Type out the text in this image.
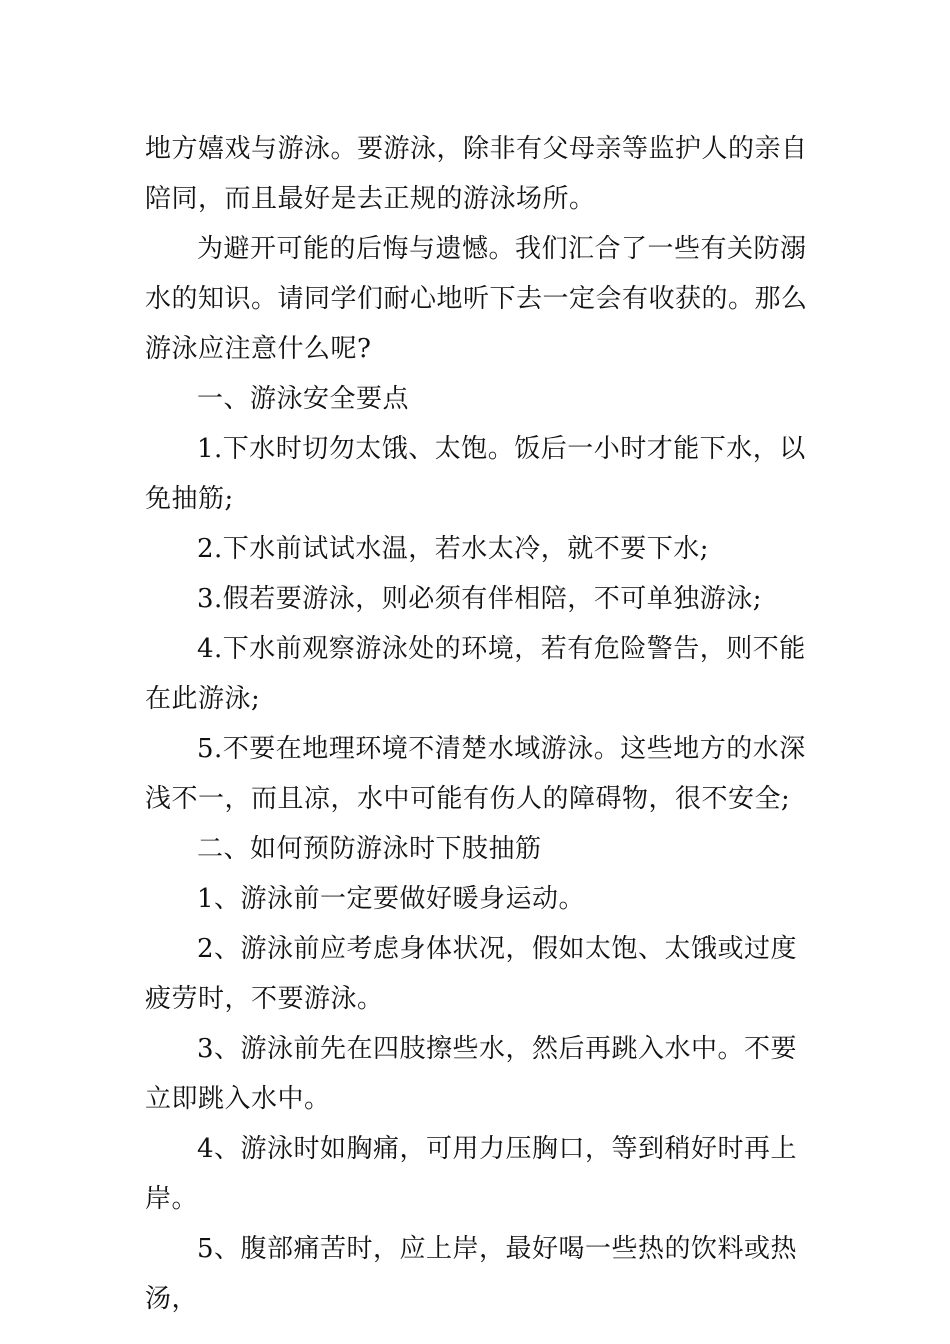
地方嬉戏与游泳。要游泳，除非有父母亲等监护人的亲自陪同，而且最好是去正规的游泳场所。

为避开可能的后悔与遗憾。我们汇合了一些有关防溺水的知识。请同学们耐心地听下去一定会有收获的。那么游泳应注意什么呢?

一、游泳安全要点

1.下水时切勿太饿、太饱。饭后一小时才能下水，以免抽筋;

2.下水前试试水温，若水太冷，就不要下水;

3.假若要游泳，则必须有伴相陪，不可单独游泳;

4.下水前观察游泳处的环境，若有危险警告，则不能在此游泳;

5.不要在地理环境不清楚水域游泳。这些地方的水深浅不一，而且凉，水中可能有伤人的障碍物，很不安全;

二、如何预防游泳时下肢抽筋

1、游泳前一定要做好暖身运动。

2、游泳前应考虑身体状况，假如太饱、太饿或过度疲劳时，不要游泳。

3、游泳前先在四肢擦些水，然后再跳入水中。不要立即跳入水中。

4、游泳时如胸痛，可用力压胸口，等到稍好时再上岸。

5、腹部痛苦时，应上岸，最好喝一些热的饮料或热汤，
